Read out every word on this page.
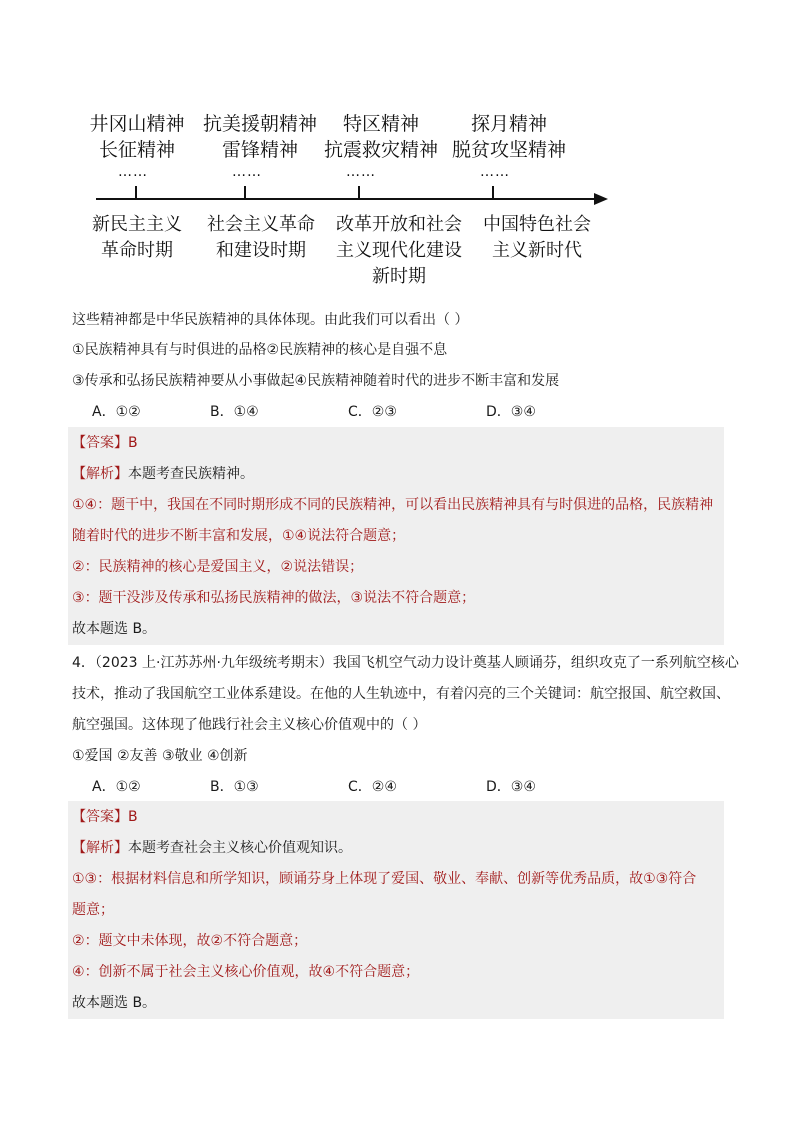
井冈山精神
长征精神
抗美援朝精神
雷锋精神
特区精神
抗震救灾精神
探月精神
脱贫攻坚精神
……	……	……	……
新民主主义
革命时期
社会主义革命
和建设时期
改革开放和社会
主义现代化建设
新时期
中国特色社会
主义新时代
这些精神都是中华民族精神的具体体现。由此我们可以看出（ ）
①民族精神具有与时俱进的品格②民族精神的核心是自强不息
③传承和弘扬民族精神要从小事做起④民族精神随着时代的进步不断丰富和发展
A．①②	B．①④	C．②③	D．③④
【答案】B
【解析】本题考查民族精神。
①④：题干中，我国在不同时期形成不同的民族精神，可以看出民族精神具有与时俱进的品格，民族精神
随着时代的进步不断丰富和发展，①④说法符合题意；
②：民族精神的核心是爱国主义，②说法错误；
③：题干没涉及传承和弘扬民族精神的做法，③说法不符合题意；
故本题选 B。
4．（2023 上·江苏苏州·九年级统考期末）我国飞机空气动力设计奠基人顾诵芬，组织攻克了一系列航空核心
技术，推动了我国航空工业体系建设。在他的人生轨迹中，有着闪亮的三个关键词：航空报国、航空救国、
航空强国。这体现了他践行社会主义核心价值观中的（ ）
①爱国 ②友善 ③敬业 ④创新
A．①②	B．①③	C．②④	D．③④
【答案】B
【解析】本题考查社会主义核心价值观知识。
①③：根据材料信息和所学知识，顾诵芬身上体现了爱国、敬业、奉献、创新等优秀品质，故①③符合
题意；
②：题文中未体现，故②不符合题意；
④：创新不属于社会主义核心价值观，故④不符合题意；
故本题选 B。
